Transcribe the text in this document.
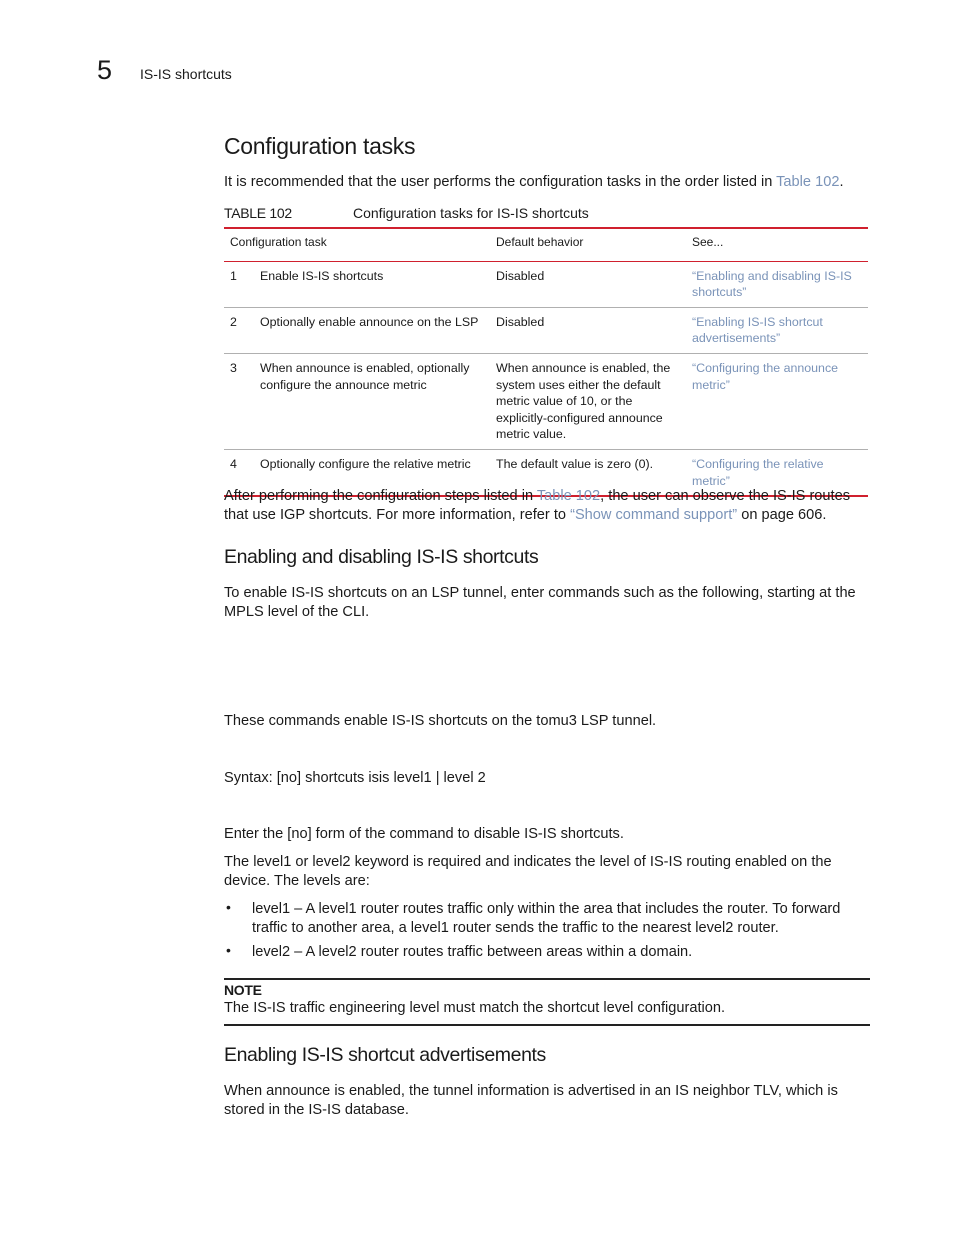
5 IS-IS shortcuts
Configuration tasks

It is recommended that the user performs the configuration tasks in the order listed in Table 102.

TABLE 102	Configuration tasks for IS-IS shortcuts
Configuration task		Default behavior	See...
1	Enable IS-IS shortcuts	Disabled	“Enabling and disabling IS-IS shortcuts”
2	Optionally enable announce on the LSP	Disabled	“Enabling IS-IS shortcut advertisements”
3	When announce is enabled, optionally configure the announce metric	When announce is enabled, the system uses either the default metric value of 10, or the explicitly-configured announce metric value.	“Configuring the announce metric”
4	Optionally configure the relative metric	The default value is zero (0).	“Configuring the relative metric”

After performing the configuration steps listed in Table 102, the user can observe the IS-IS routes that use IGP shortcuts. For more information, refer to “Show command support” on page 606.

Enabling and disabling IS-IS shortcuts

To enable IS-IS shortcuts on an LSP tunnel, enter commands such as the following, starting at the MPLS level of the CLI.

These commands enable IS-IS shortcuts on the tomu3 LSP tunnel.

Syntax: [no] shortcuts isis level1 | level 2

Enter the [no] form of the command to disable IS-IS shortcuts.

The level1 or level2 keyword is required and indicates the level of IS-IS routing enabled on the device. The levels are:

• level1 – A level1 router routes traffic only within the area that includes the router. To forward traffic to another area, a level1 router sends the traffic to the nearest level2 router.

• level2 – A level2 router routes traffic between areas within a domain.

NOTE
The IS-IS traffic engineering level must match the shortcut level configuration.
Enabling IS-IS shortcut advertisements

When announce is enabled, the tunnel information is advertised in an IS neighbor TLV, which is stored in the IS-IS database.
